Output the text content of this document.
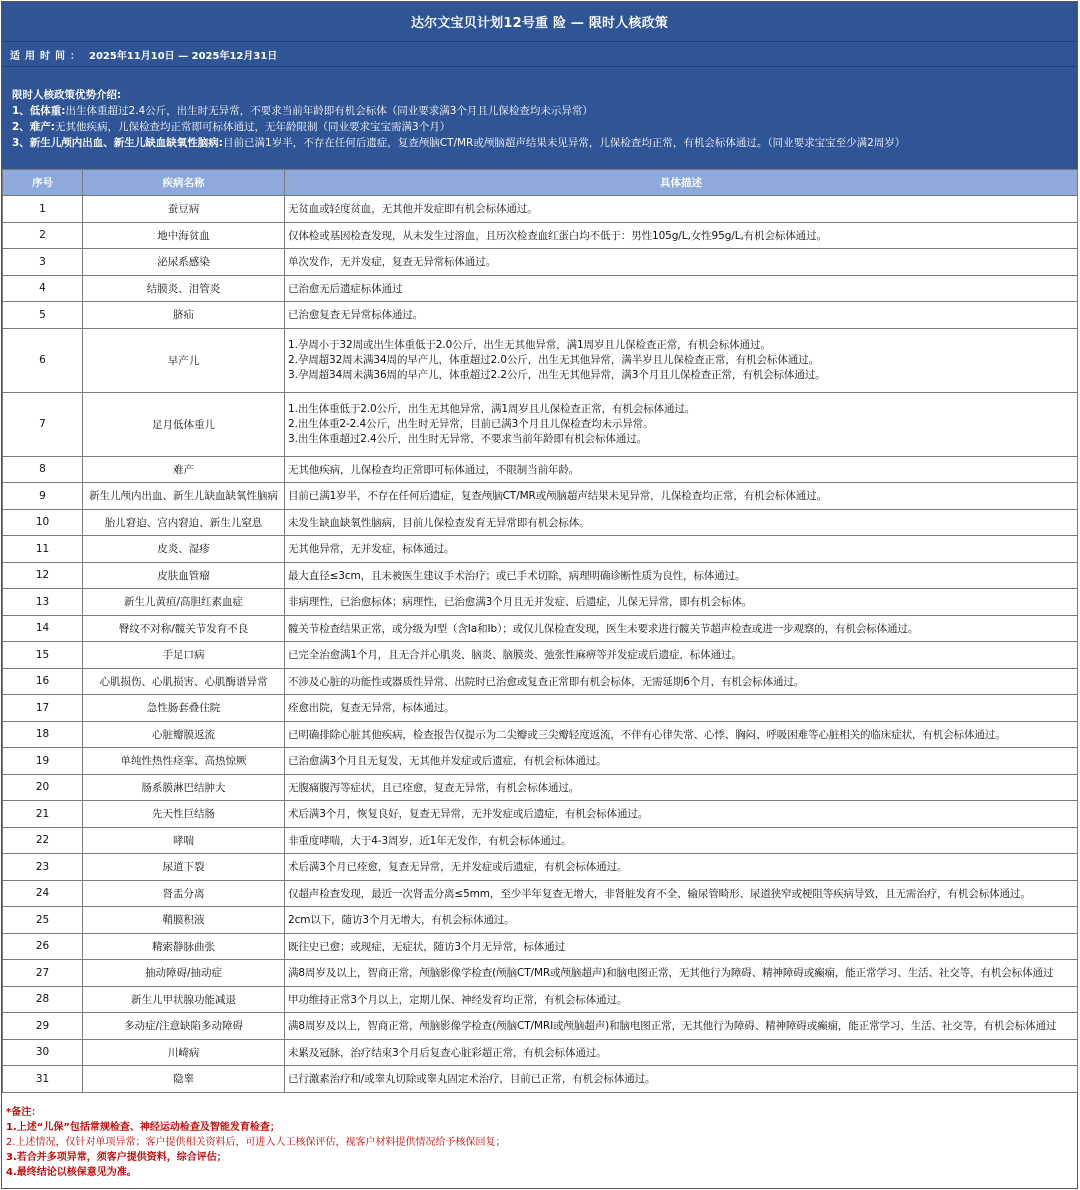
达尔文宝贝计划12号重 险 — 限时人核政策
适用时间： 2025年11月10日 — 2025年12月31日
限时人核政策优势介绍:
1、低体重:出生体重超过2.4公斤，出生时无异常，不要求当前年龄即有机会标体（同业要求满3个月且儿保检查均未示异常）
2、难产:无其他疾病，儿保检查均正常即可标体通过，无年龄限制（同业要求宝宝需满3个月）
3、新生儿颅内出血、新生儿缺血缺氧性脑病:目前已满1岁半，不存在任何后遗症，复查颅脑CT/MR或颅脑超声结果未见异常，儿保检查均正常，有机会标体通过。（同业要求宝宝至少满2周岁）
序号	疾病名称	具体描述
1	蚕豆病	无贫血或轻度贫血，无其他并发症即有机会标体通过。

2	地中海贫血	仅体检或基因检查发现，从未发生过溶血，且历次检查血红蛋白均不低于：男性105g/L,女性95g/L,有机会标体通过。

3	泌尿系感染	单次发作，无并发症，复查无异常标体通过。

4	结膜炎、泪管炎	已治愈无后遗症标体通过

5	脐疝	已治愈复查无异常标体通过。

6	早产儿	1.孕周小于32周或出生体重低于2.0公斤，出生无其他异常，满1周岁且儿保检查正常，有机会标体通过。
2.孕周超32周未满34周的早产儿，体重超过2.0公斤，出生无其他异常，满半岁且儿保检查正常，有机会标体通过。
3.孕周超34周未满36周的早产儿，体重超过2.2公斤，出生无其他异常，满3个月且儿保检查正常，有机会标体通过。

7	足月低体重儿	1.出生体重低于2.0公斤，出生无其他异常，满1周岁且儿保检查正常，有机会标体通过。
2.出生体重2-2.4公斤，出生时无异常，目前已满3个月且儿保检查均未示异常。
3.出生体重超过2.4公斤，出生时无异常，不要求当前年龄即有机会标体通过。

8	难产	无其他疾病，儿保检查均正常即可标体通过，不限制当前年龄。

9	新生儿颅内出血、新生儿缺血缺氧性脑病	目前已满1岁半，不存在任何后遗症，复查颅脑CT/MR或颅脑超声结果未见异常，儿保检查均正常，有机会标体通过。

10	胎儿窘迫、宫内窘迫、新生儿窒息	未发生缺血缺氧性脑病，目前儿保检查发育无异常即有机会标体。

11	皮炎、湿疹	无其他异常，无并发症，标体通过。

12	皮肤血管瘤	最大直径≤3cm，且未被医生建议手术治疗；或已手术切除，病理明确诊断性质为良性，标体通过。

13	新生儿黄疸/高胆红素血症	非病理性，已治愈标体；病理性，已治愈满3个月且无并发症、后遗症，儿保无异常，即有机会标体。

14	臀纹不对称/髋关节发育不良	髋关节检查结果正常，或分级为I型（含Ia和Ib）；或仅儿保检查发现，医生未要求进行髋关节超声检查或进一步观察的，有机会标体通过。

15	手足口病	已完全治愈满1个月，且无合并心肌炎、脑炎、脑膜炎、弛张性麻痹等并发症或后遗症，标体通过。

16	心肌损伤、心肌损害、心肌酶谱异常	不涉及心脏的功能性或器质性异常、出院时已治愈或复查正常即有机会标体，无需延期6个月，有机会标体通过。

17	急性肠套叠住院	痊愈出院，复查无异常，标体通过。

18	心脏瓣膜返流	已明确排除心脏其他疾病，检查报告仅提示为二尖瓣或三尖瓣轻度返流，不伴有心律失常、心悸、胸闷、呼吸困难等心脏相关的临床症状，有机会标体通过。

19	单纯性热性痉挛、高热惊厥	已治愈满3个月且无复发，无其他并发症或后遗症，有机会标体通过。

20	肠系膜淋巴结肿大	无腹痛腹泻等症状，且已痊愈，复查无异常，有机会标体通过。

21	先天性巨结肠	术后满3个月，恢复良好，复查无异常，无并发症或后遗症，有机会标体通过。

22	哮喘	非重度哮喘，大于4-3周岁，近1年无发作，有机会标体通过。

23	尿道下裂	术后满3个月已痊愈，复查无异常，无并发症或后遗症，有机会标体通过。

24	肾盂分离	仅超声检查发现，最近一次肾盂分离≤5mm，至少半年复查无增大，非肾脏发育不全、输尿管畸形、尿道狭窄或梗阻等疾病导致，且无需治疗，有机会标体通过。

25	鞘膜积液	2cm以下，随访3个月无增大，有机会标体通过。

26	精索静脉曲张	既往史已愈；或现症，无症状，随访3个月无异常，标体通过

27	抽动障碍/抽动症	满8周岁及以上，智商正常，颅脑影像学检查(颅脑CT/MR或颅脑超声)和脑电图正常，无其他行为障碍、精神障碍或癫痫，能正常学习、生活、社交等，有机会标体通过

28	新生儿甲状腺功能减退	甲功维持正常3个月以上，定期儿保、神经发育均正常，有机会标体通过。

29	多动症/注意缺陷多动障碍	满8周岁及以上，智商正常，颅脑影像学检查(颅脑CT/MRI或颅脑超声)和脑电图正常，无其他行为障碍、精神障碍或癫痫，能正常学习、生活、社交等，有机会标体通过

30	川崎病	未累及冠脉，治疗结束3个月后复查心脏彩超正常，有机会标体通过。

31	隐睾	已行激素治疗和/或睾丸切除或睾丸固定术治疗，目前已正常，有机会标体通过。
*备注：
1.上述“儿保”包括常规检查、神经运动检查及智能发育检查；
2.上述情况，仅针对单项异常；客户提供相关资料后，可进入人工核保评估，视客户材料提供情况给予核保回复；
3.若合并多项异常，须客户提供资料，综合评估；
4.最终结论以核保意见为准。
